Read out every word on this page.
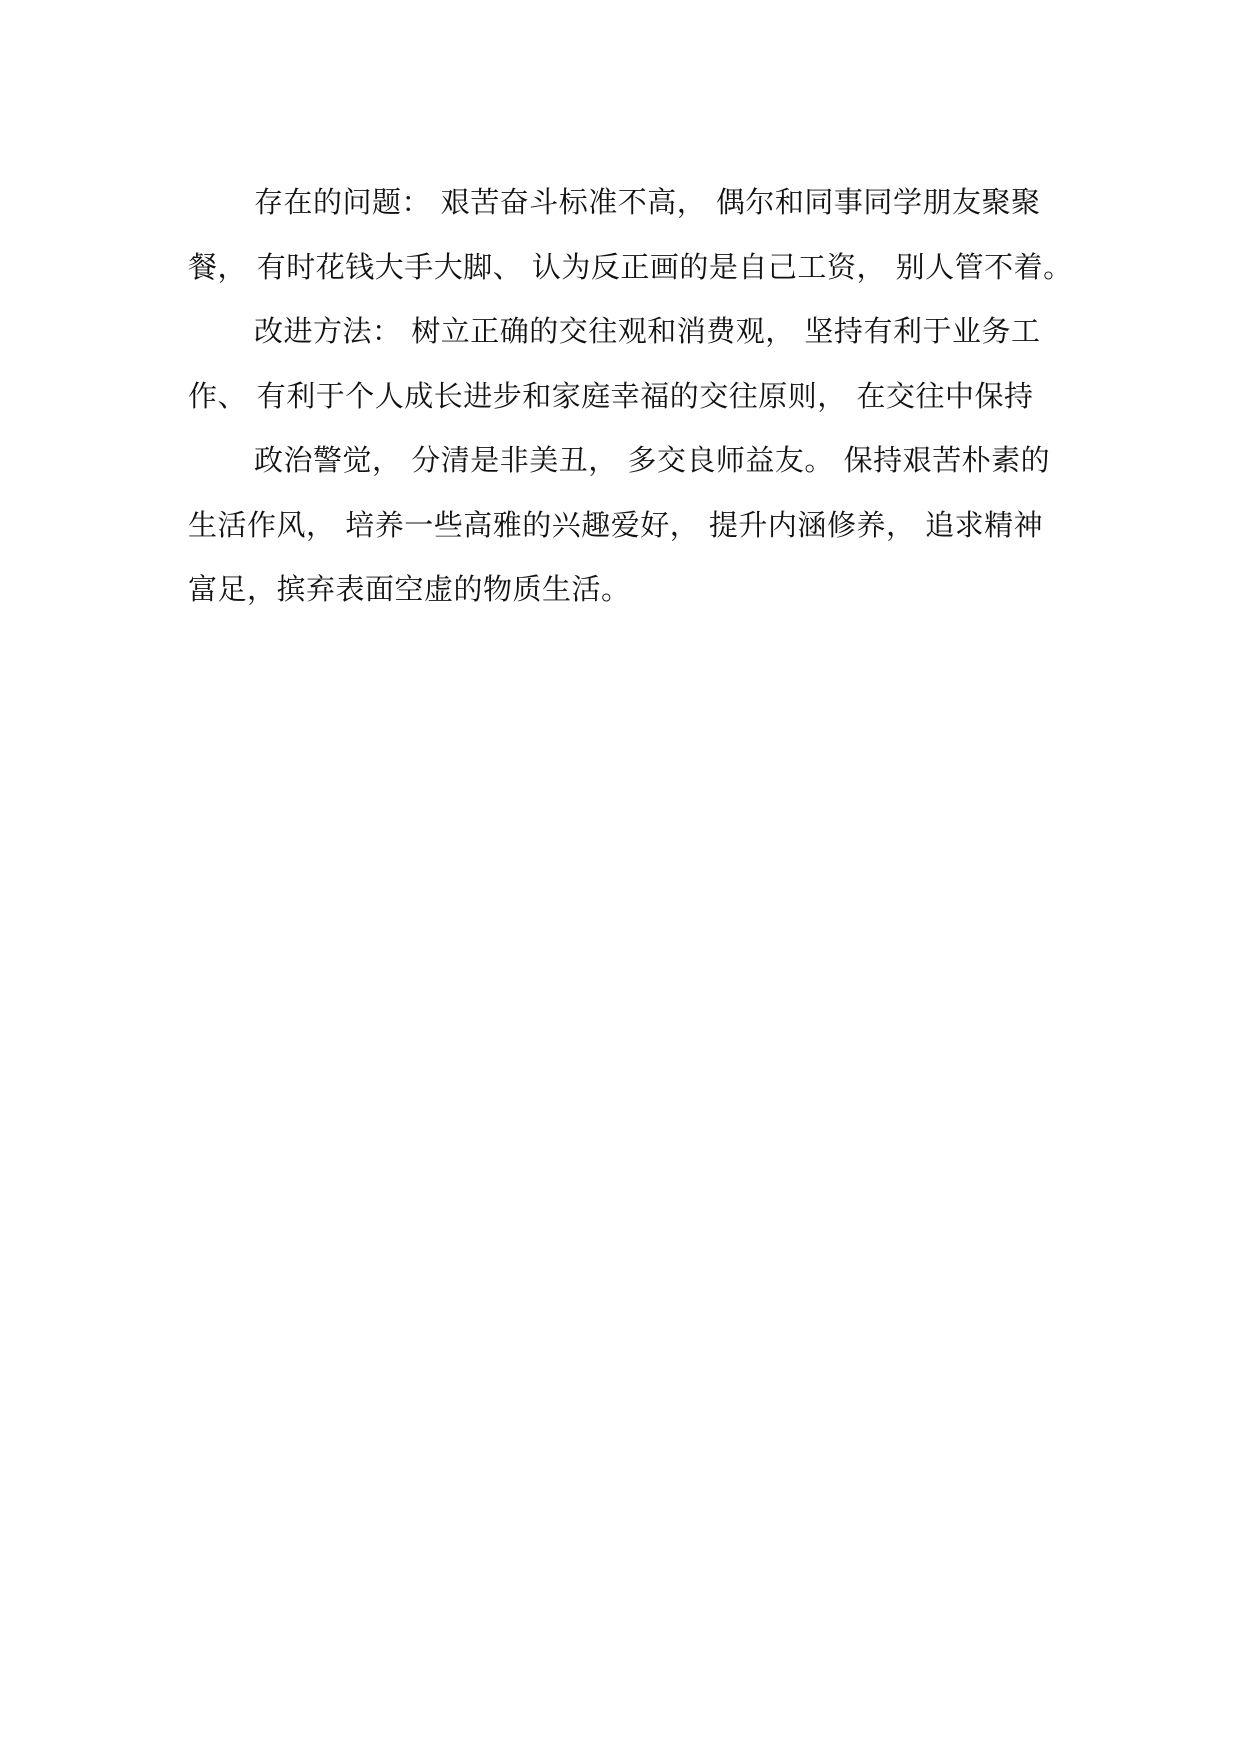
存在的问题： 艰苦奋斗标准不高， 偶尔和同事同学朋友聚聚
餐， 有时花钱大手大脚、 认为反正画的是自己工资， 别人管不着。
改进方法： 树立正确的交往观和消费观， 坚持有利于业务工
作、 有利于个人成长进步和家庭幸福的交往原则， 在交往中保持
政治警觉， 分清是非美丑， 多交良师益友。 保持艰苦朴素的
生活作风， 培养一些高雅的兴趣爱好， 提升内涵修养， 追求精神
富足，摈弃表面空虚的物质生活。
